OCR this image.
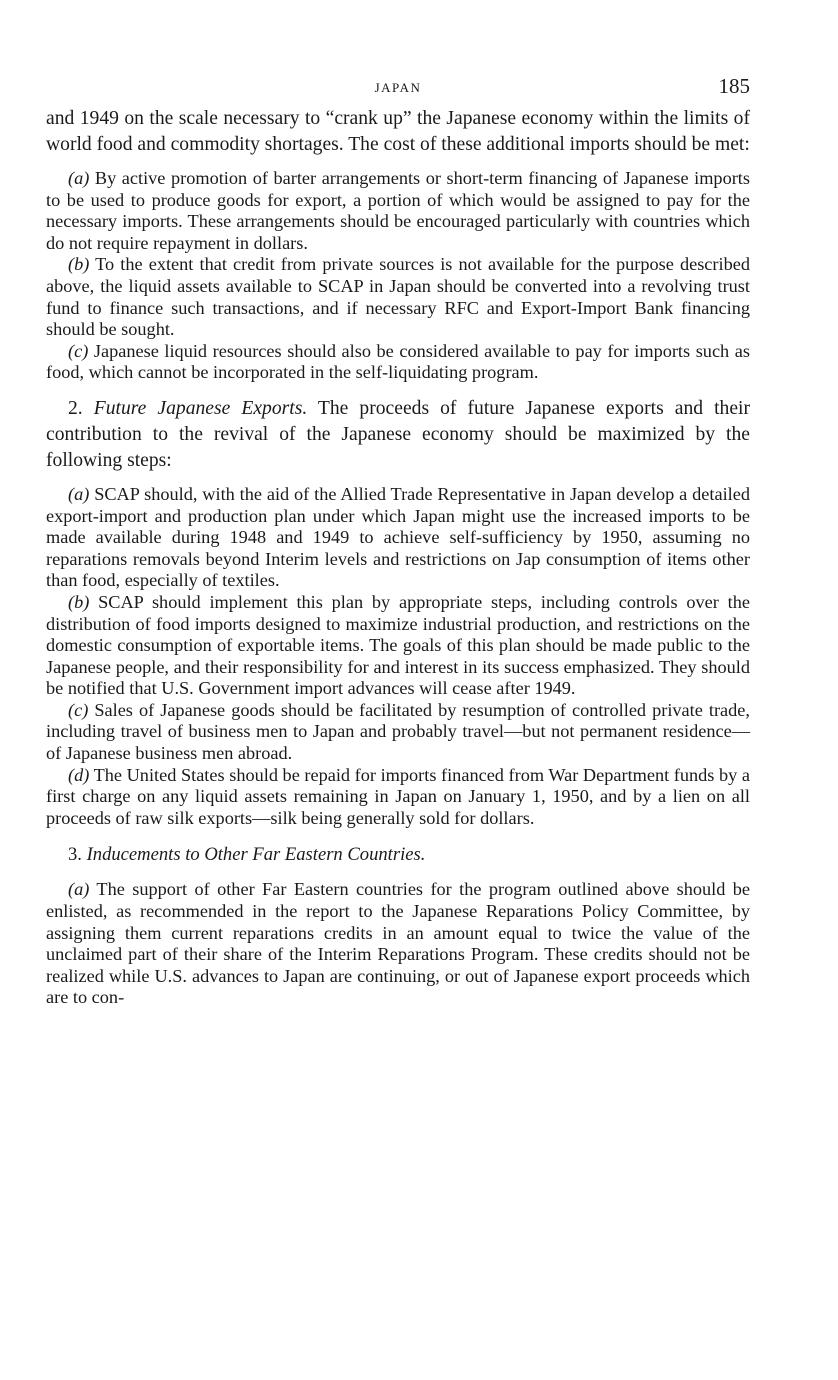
JAPAN	185

and 1949 on the scale necessary to “crank up” the Japanese economy within the limits of world food and commodity shortages. The cost of these additional imports should be met:

(a) By active promotion of barter arrangements or short-term financing of Japanese imports to be used to produce goods for export, a portion of which would be assigned to pay for the necessary imports. These arrangements should be encouraged particularly with countries which do not require repayment in dollars.

(b) To the extent that credit from private sources is not available for the purpose described above, the liquid assets available to SCAP in Japan should be converted into a revolving trust fund to finance such transactions, and if necessary RFC and Export-Import Bank financing should be sought.

(c) Japanese liquid resources should also be considered available to pay for imports such as food, which cannot be incorporated in the self-liquidating program.

2. Future Japanese Exports. The proceeds of future Japanese exports and their contribution to the revival of the Japanese economy should be maximized by the following steps:

(a) SCAP should, with the aid of the Allied Trade Representative in Japan develop a detailed export-import and production plan under which Japan might use the increased imports to be made available during 1948 and 1949 to achieve self-sufficiency by 1950, assuming no reparations removals beyond Interim levels and restrictions on Jap consumption of items other than food, especially of textiles.

(b) SCAP should implement this plan by appropriate steps, including controls over the distribution of food imports designed to maximize industrial production, and restrictions on the domestic consumption of exportable items. The goals of this plan should be made public to the Japanese people, and their responsibility for and interest in its success emphasized. They should be notified that U.S. Government import advances will cease after 1949.

(c) Sales of Japanese goods should be facilitated by resumption of controlled private trade, including travel of business men to Japan and probably travel—but not permanent residence—of Japanese business men abroad.

(d) The United States should be repaid for imports financed from War Department funds by a first charge on any liquid assets remaining in Japan on January 1, 1950, and by a lien on all proceeds of raw silk exports—silk being generally sold for dollars.

3. Inducements to Other Far Eastern Countries.

(a) The support of other Far Eastern countries for the program outlined above should be enlisted, as recommended in the report to the Japanese Reparations Policy Committee, by assigning them current reparations credits in an amount equal to twice the value of the unclaimed part of their share of the Interim Reparations Program. These credits should not be realized while U.S. advances to Japan are continuing, or out of Japanese export proceeds which are to con-
